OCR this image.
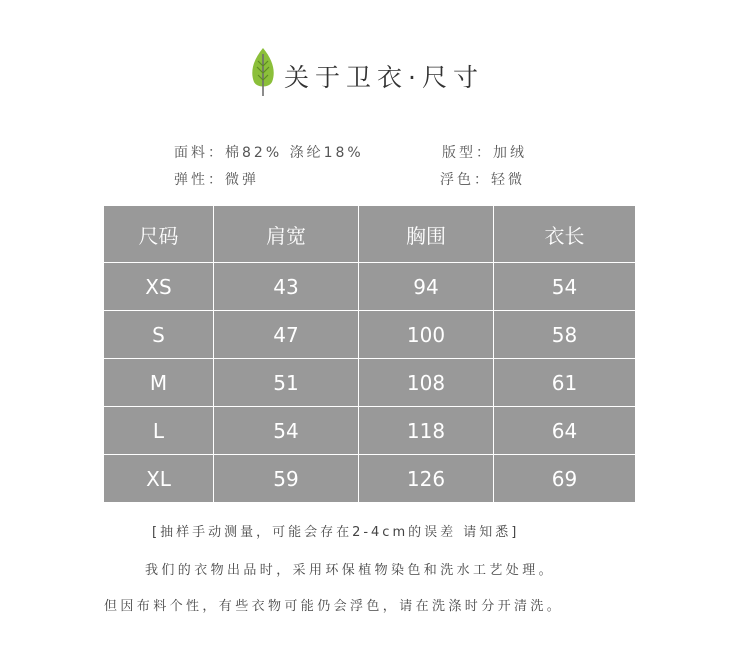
关于卫衣·尺寸
面料：棉82% 涤纶18%	版型：加绒
弹性：微弹	浮色：轻微
尺码	肩宽	胸围	衣长
XS	43	94	54
S	47	100	58
M	51	108	61
L	54	118	64
XL	59	126	69
[抽样手动测量，可能会存在2-4cm的误差 请知悉]
我们的衣物出品时，采用环保植物染色和洗水工艺处理。
但因布料个性，有些衣物可能仍会浮色，请在洗涤时分开清洗。
